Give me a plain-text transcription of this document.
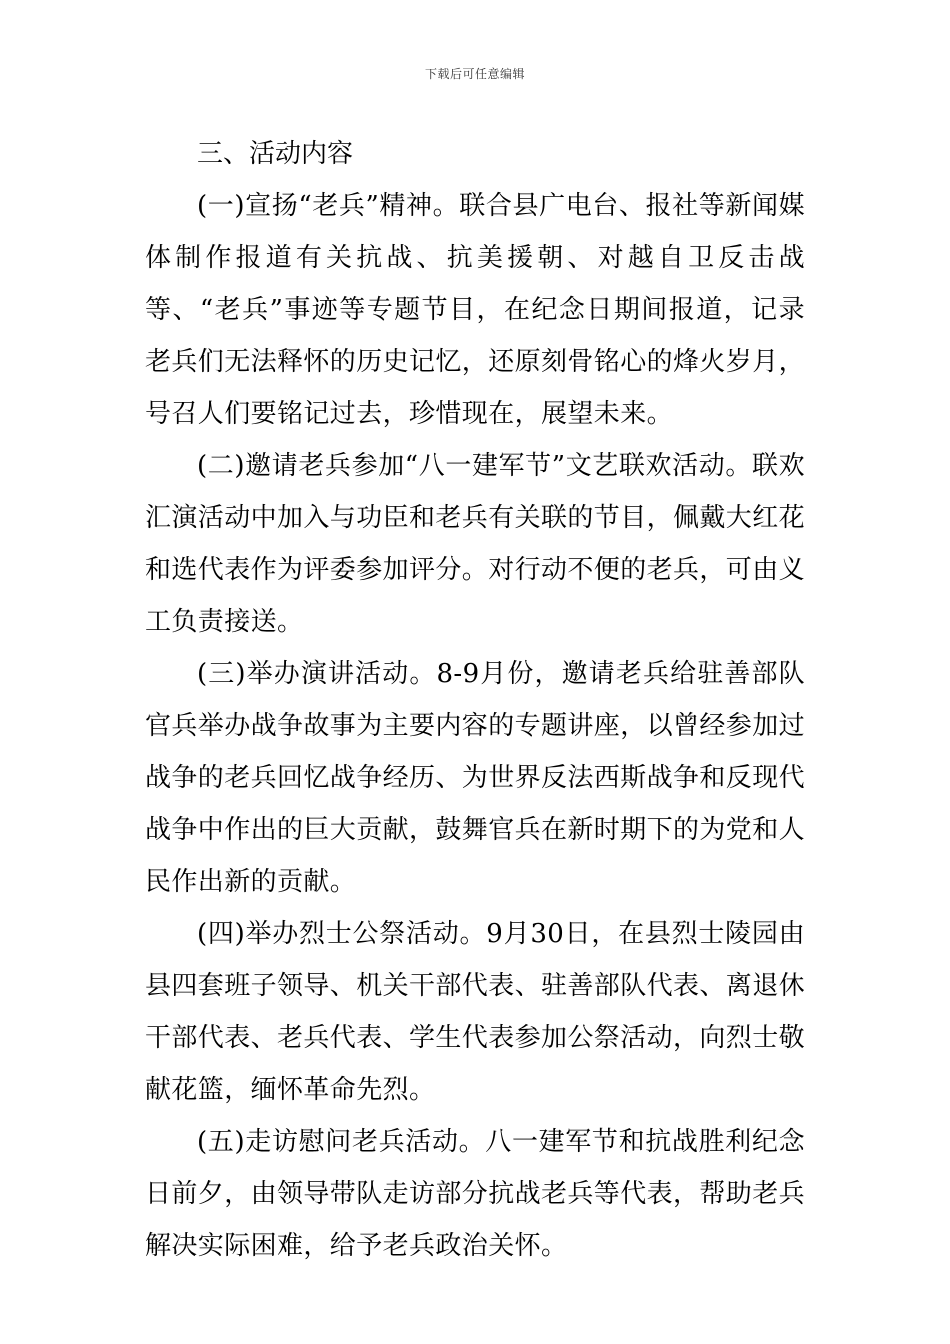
下载后可任意编辑

三、活动内容

(一)宣扬“老兵”精神。联合县广电台、报社等新闻媒体制作报道有关抗战、抗美援朝、对越自卫反击战等、“老兵”事迹等专题节目，在纪念日期间报道，记录老兵们无法释怀的历史记忆，还原刻骨铭心的烽火岁月，号召人们要铭记过去，珍惜现在，展望未来。

(二)邀请老兵参加“八一建军节”文艺联欢活动。联欢汇演活动中加入与功臣和老兵有关联的节目，佩戴大红花和选代表作为评委参加评分。对行动不便的老兵，可由义工负责接送。

(三)举办演讲活动。8-9月份，邀请老兵给驻善部队官兵举办战争故事为主要内容的专题讲座，以曾经参加过战争的老兵回忆战争经历、为世界反法西斯战争和反现代战争中作出的巨大贡献，鼓舞官兵在新时期下的为党和人民作出新的贡献。

(四)举办烈士公祭活动。9月30日，在县烈士陵园由县四套班子领导、机关干部代表、驻善部队代表、离退休干部代表、老兵代表、学生代表参加公祭活动，向烈士敬献花篮，缅怀革命先烈。

(五)走访慰问老兵活动。八一建军节和抗战胜利纪念日前夕，由领导带队走访部分抗战老兵等代表，帮助老兵解决实际困难，给予老兵政治关怀。
